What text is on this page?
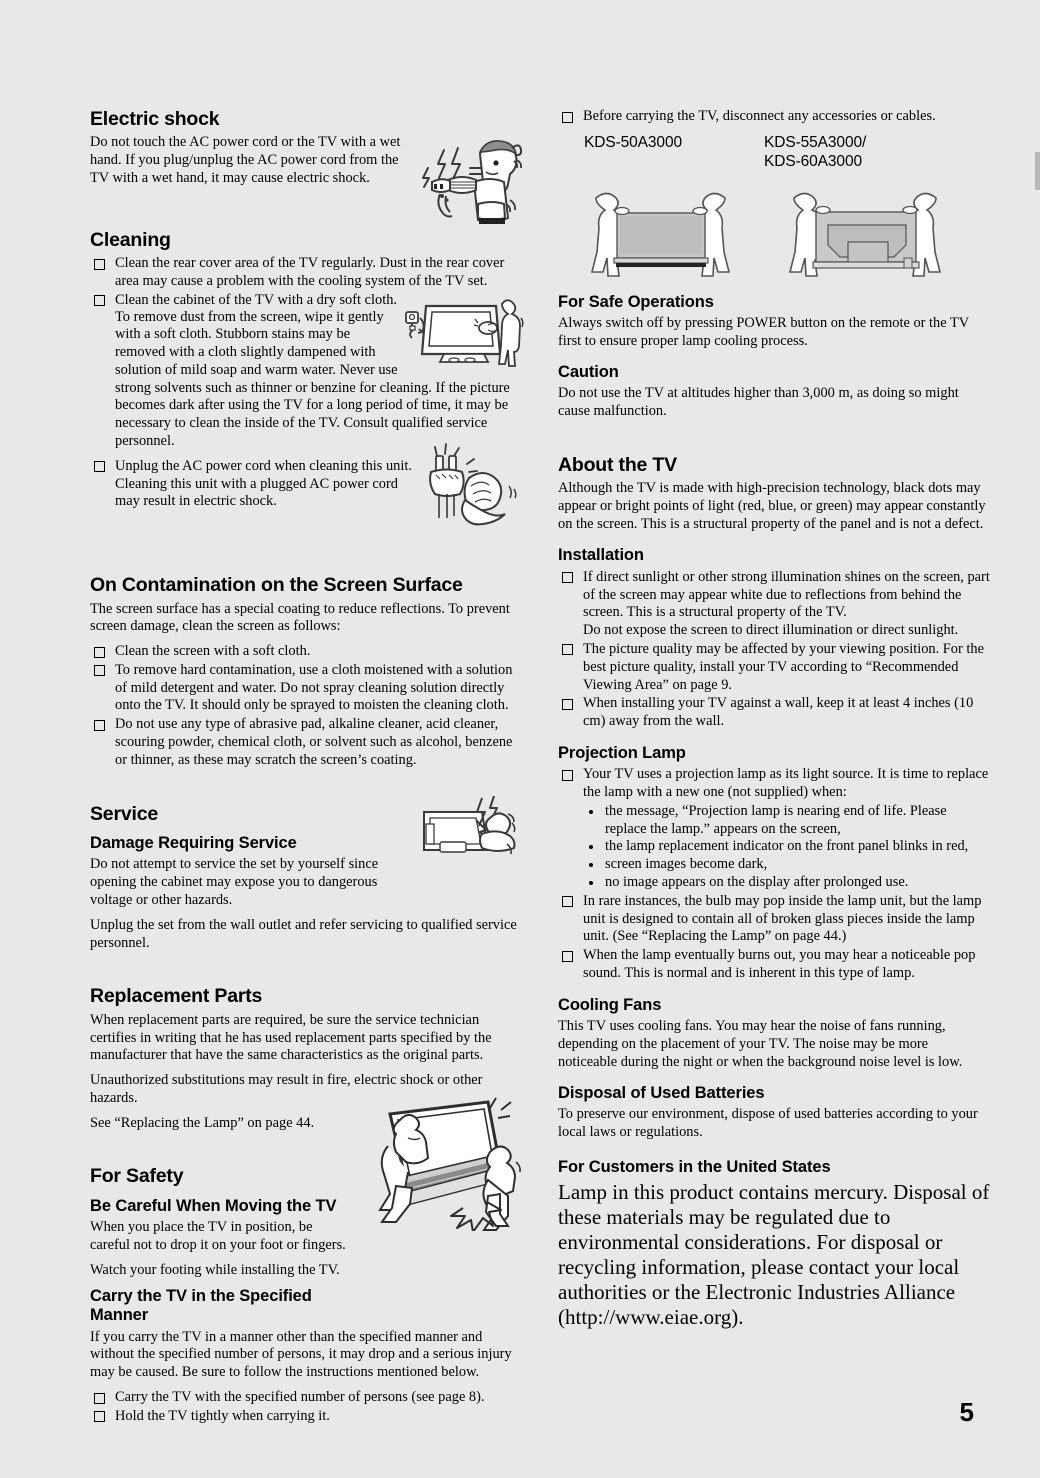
Electric shock

Do not touch the AC power cord or the TV with a wet hand. If you plug/unplug the AC power cord from the TV with a wet hand, it may cause electric shock.

Cleaning
Clean the rear cover area of the TV regularly. Dust in the rear cover area may cause a problem with the cooling system of the TV set.
Clean the cabinet of the TV with a dry soft cloth.

To remove dust from the screen, wipe it gently with a soft cloth. Stubborn stains may be removed with a cloth slightly dampened with solution of mild soap and warm water. Never use

strong solvents such as thinner or benzine for cleaning. If the picture becomes dark after using the TV for a long period of time, it may be necessary to clean the inside of the TV. Consult qualified service personnel.

Unplug the AC power cord when cleaning this unit. Cleaning this unit with a plugged AC power cord may result in electric shock.
On Contamination on the Screen Surface

The screen surface has a special coating to reduce reflections. To prevent screen damage, clean the screen as follows:

Clean the screen with a soft cloth.
To remove hard contamination, use a cloth moistened with a solution of mild detergent and water. Do not spray cleaning solution directly onto the TV. It should only be sprayed to moisten the cleaning cloth.
Do not use any type of abrasive pad, alkaline cleaner, acid cleaner, scouring powder, chemical cloth, or solvent such as alcohol, benzene or thinner, as these may scratch the screen’s coating.
Service
Damage Requiring Service

Do not attempt to service the set by yourself since opening the cabinet may expose you to dangerous voltage or other hazards.

Unplug the set from the wall outlet and refer servicing to qualified service personnel.

Replacement Parts

When replacement parts are required, be sure the service technician certifies in writing that he has used replacement parts specified by the manufacturer that have the same characteristics as the original parts.

Unauthorized substitutions may result in fire, electric shock or other hazards.

See “Replacing the Lamp” on page 44.

For Safety
Be Careful When Moving the TV

When you place the TV in position, be careful not to drop it on your foot or fingers.

Watch your footing while installing the TV.

Carry the TV in the Specified Manner

If you carry the TV in a manner other than the specified manner and without the specified number of persons, it may drop and a serious injury may be caused. Be sure to follow the instructions mentioned below.

Carry the TV with the specified number of persons (see page 8).
Hold the TV tightly when carrying it.
Before carrying the TV, disconnect any accessories or cables.
KDS-50A3000	KDS-55A3000/
KDS-60A3000
For Safe Operations

Always switch off by pressing POWER button on the remote or the TV first to ensure proper lamp cooling process.

Caution

Do not use the TV at altitudes higher than 3,000 m, as doing so might cause malfunction.

About the TV

Although the TV is made with high-precision technology, black dots may appear or bright points of light (red, blue, or green) may appear constantly on the screen. This is a structural property of the panel and is not a defect.

Installation
If direct sunlight or other strong illumination shines on the screen, part of the screen may appear white due to reflections from behind the screen. This is a structural property of the TV.
Do not expose the screen to direct illumination or direct sunlight.
The picture quality may be affected by your viewing position. For the best picture quality, install your TV according to “Recommended Viewing Area” on page 9.
When installing your TV against a wall, keep it at least 4 inches (10 cm) away from the wall.
Projection Lamp
Your TV uses a projection lamp as its light source. It is time to replace the lamp with a new one (not supplied) when:
the message, “Projection lamp is nearing end of life. Please replace the lamp.” appears on the screen,
the lamp replacement indicator on the front panel blinks in red,
screen images become dark,
no image appears on the display after prolonged use.
In rare instances, the bulb may pop inside the lamp unit, but the lamp unit is designed to contain all of broken glass pieces inside the lamp unit. (See “Replacing the Lamp” on page 44.)
When the lamp eventually burns out, you may hear a noticeable pop sound. This is normal and is inherent in this type of lamp.
Cooling Fans

This TV uses cooling fans. You may hear the noise of fans running, depending on the placement of your TV. The noise may be more noticeable during the night or when the background noise level is low.

Disposal of Used Batteries

To preserve our environment, dispose of used batteries according to your local laws or regulations.

For Customers in the United States

Lamp in this product contains mercury. Disposal of these materials may be regulated due to environmental considerations. For disposal or recycling information, please contact your local authorities or the Electronic Industries Alliance (http://www.eiae.org).

5
